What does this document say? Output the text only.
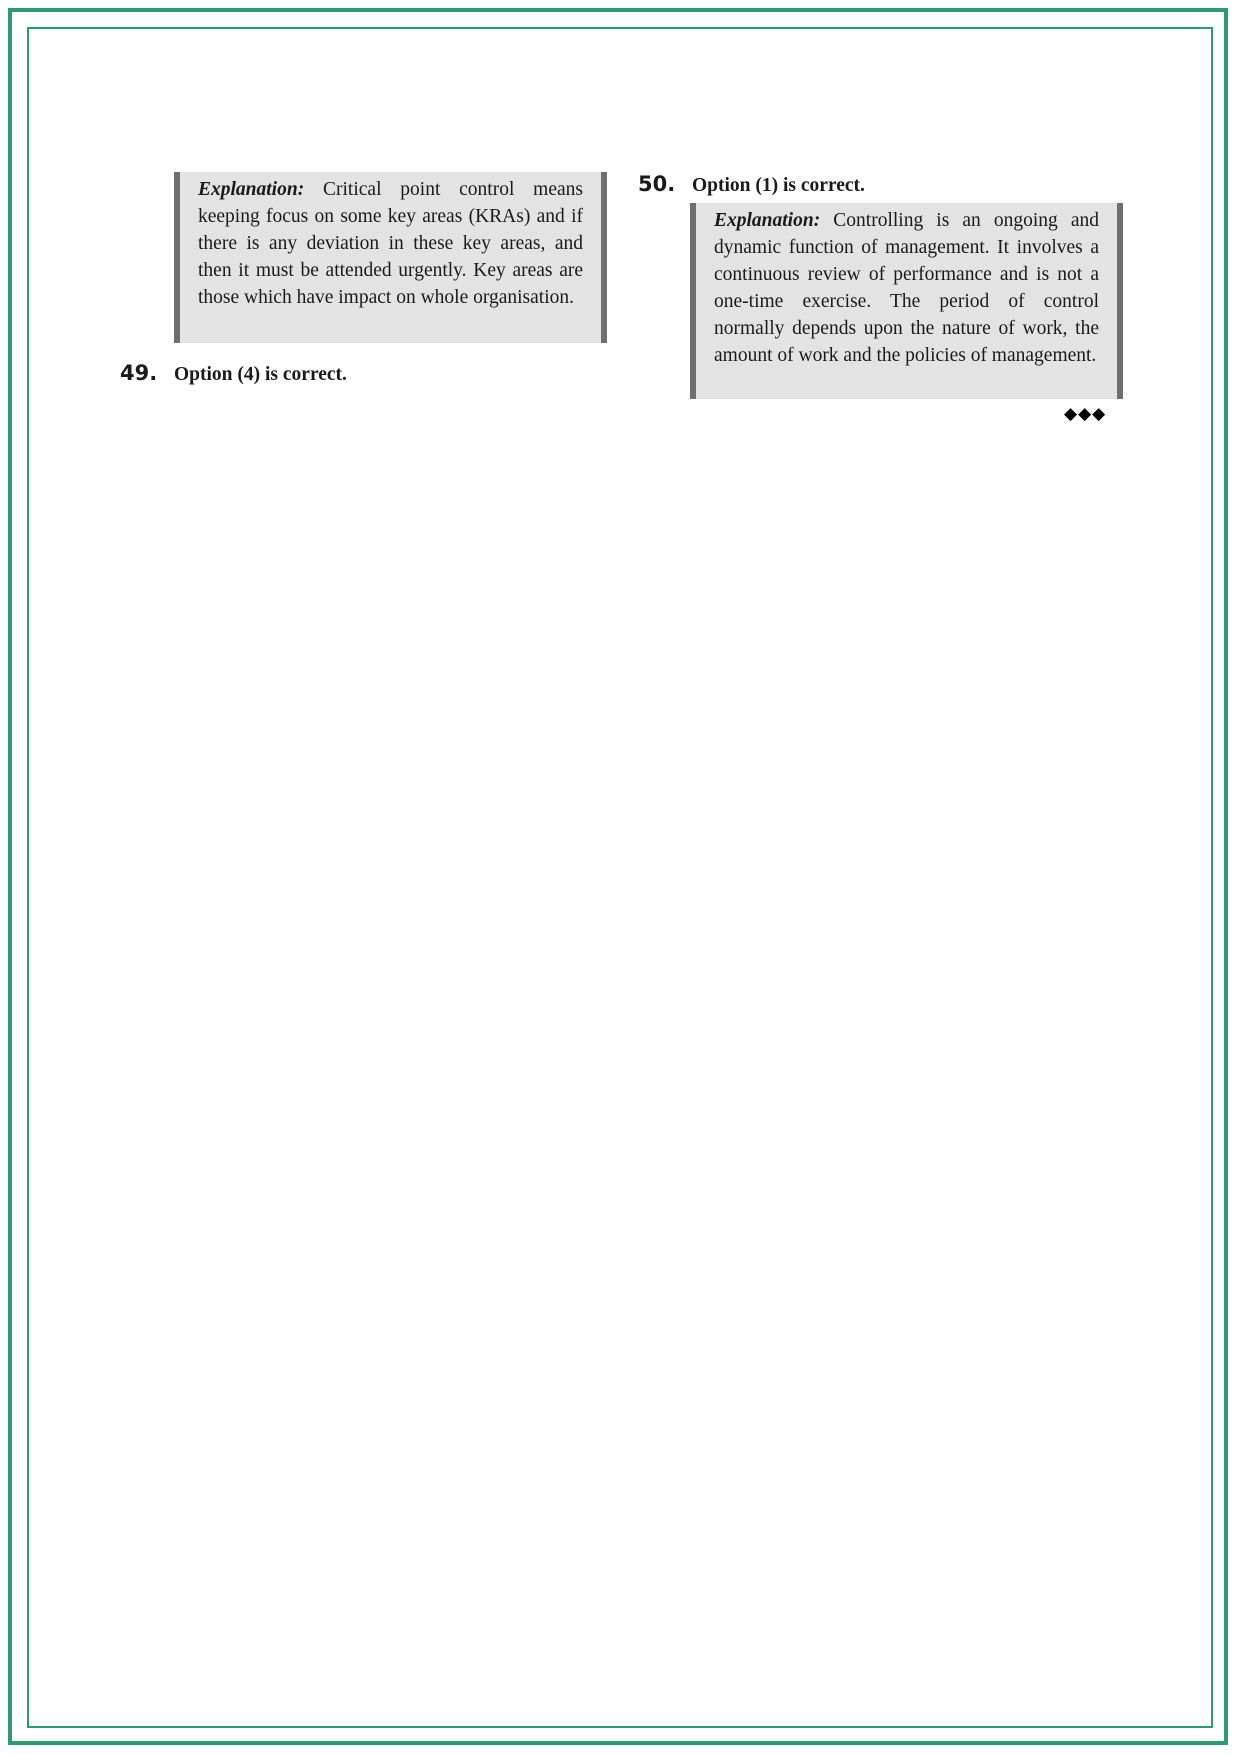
Explanation: Critical point control means keeping focus on some key areas (KRAs) and if there is any deviation in these key areas, and then it must be attended urgently. Key areas are those which have impact on whole organisation.
49. Option (4) is correct.
50. Option (1) is correct.
Explanation: Controlling is an ongoing and dynamic function of management. It involves a continuous review of performance and is not a one-time exercise. The period of control normally depends upon the nature of work, the amount of work and the policies of management.
◆◆◆
